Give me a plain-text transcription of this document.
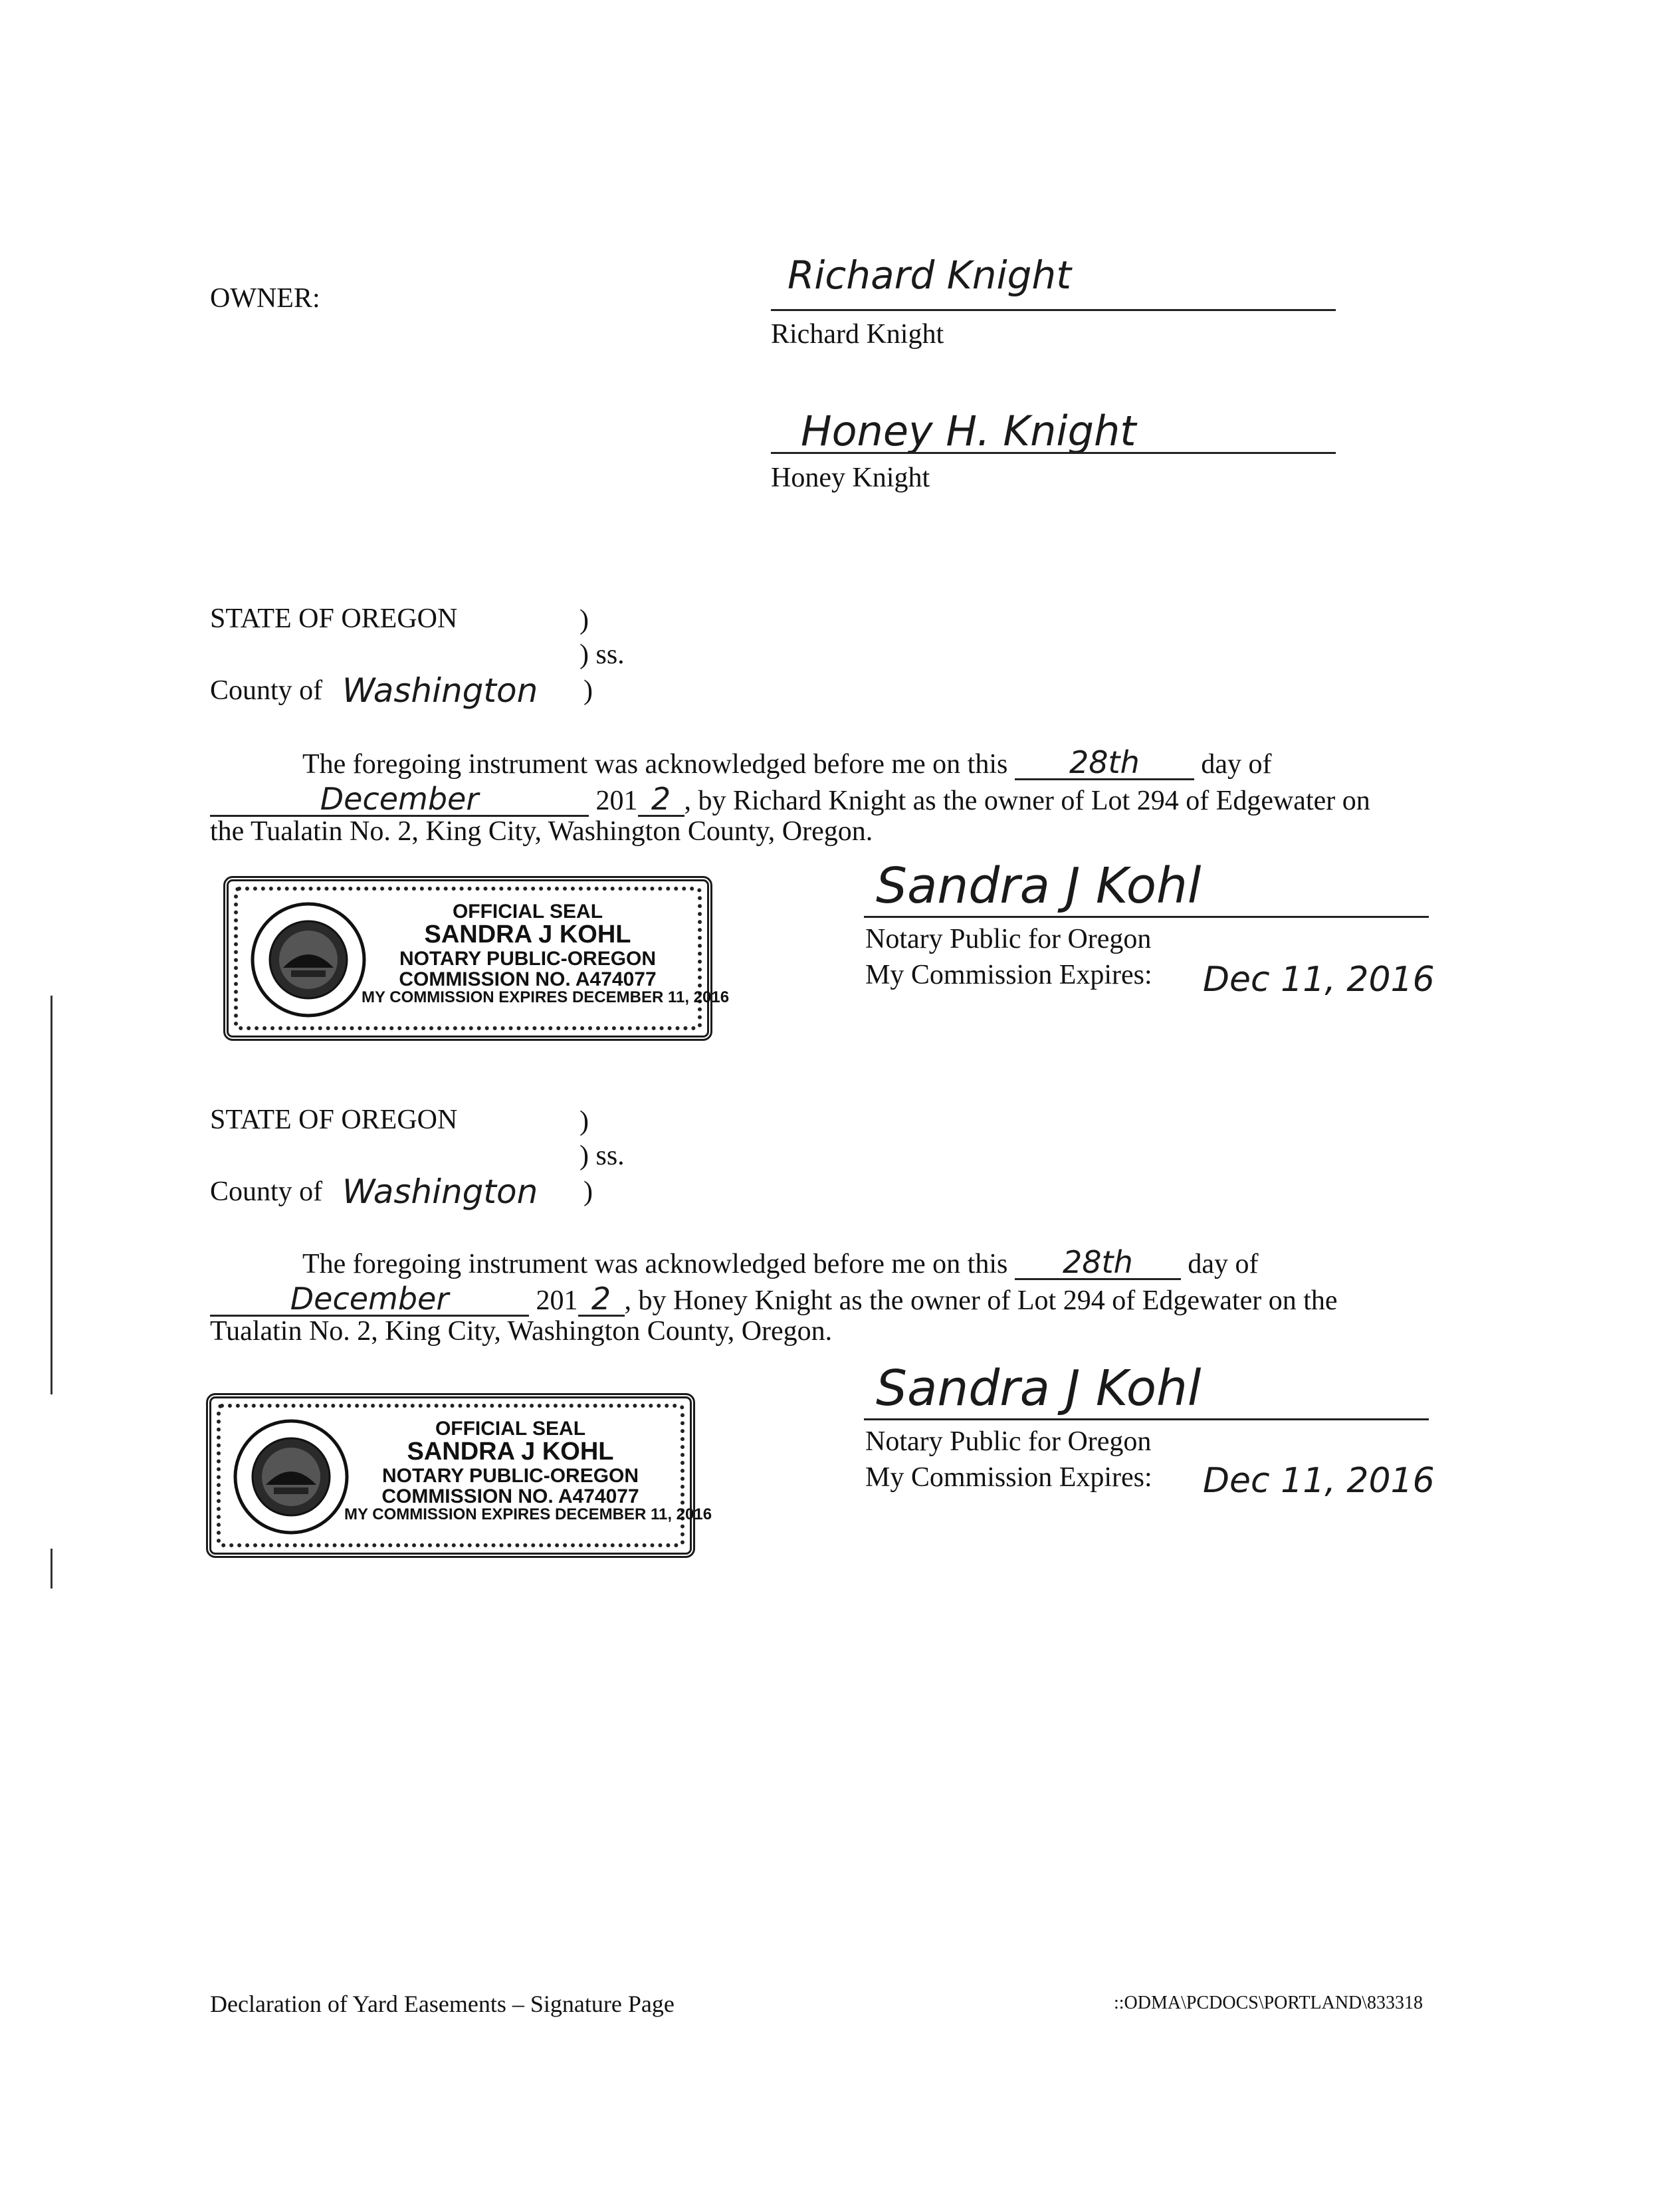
OWNER:
Richard Knight
Richard Knight
Honey H. Knight
Honey Knight
STATE OF OREGON	)
) ss.
County of Washington )
The foregoing instrument was acknowledged before me on this 28th day of
December	201 2 , by Richard Knight as the owner of Lot 294 of Edgewater on
the Tualatin No. 2, King City, Washington County, Oregon.
STATE OF OREGON 1859
OFFICIAL SEAL
SANDRA J KOHL
NOTARY PUBLIC-OREGON
COMMISSION NO. A474077
MY COMMISSION EXPIRES DECEMBER 11, 2016
Sandra J Kohl
Notary Public for Oregon
My Commission Expires: Dec 11, 2016
STATE OF OREGON	)
) ss.
County of Washington )
The foregoing instrument was acknowledged before me on this 28th day of
December	201 2 , by Honey Knight as the owner of Lot 294 of Edgewater on the
Tualatin No. 2, King City, Washington County, Oregon.
OFFICIAL SEAL
SANDRA J KOHL
NOTARY PUBLIC-OREGON
COMMISSION NO. A474077
MY COMMISSION EXPIRES DECEMBER 11, 2016
Sandra J Kohl
Notary Public for Oregon
My Commission Expires: Dec 11, 2016
Declaration of Yard Easements – Signature Page	::ODMA\PCDOCS\PORTLAND\833318
